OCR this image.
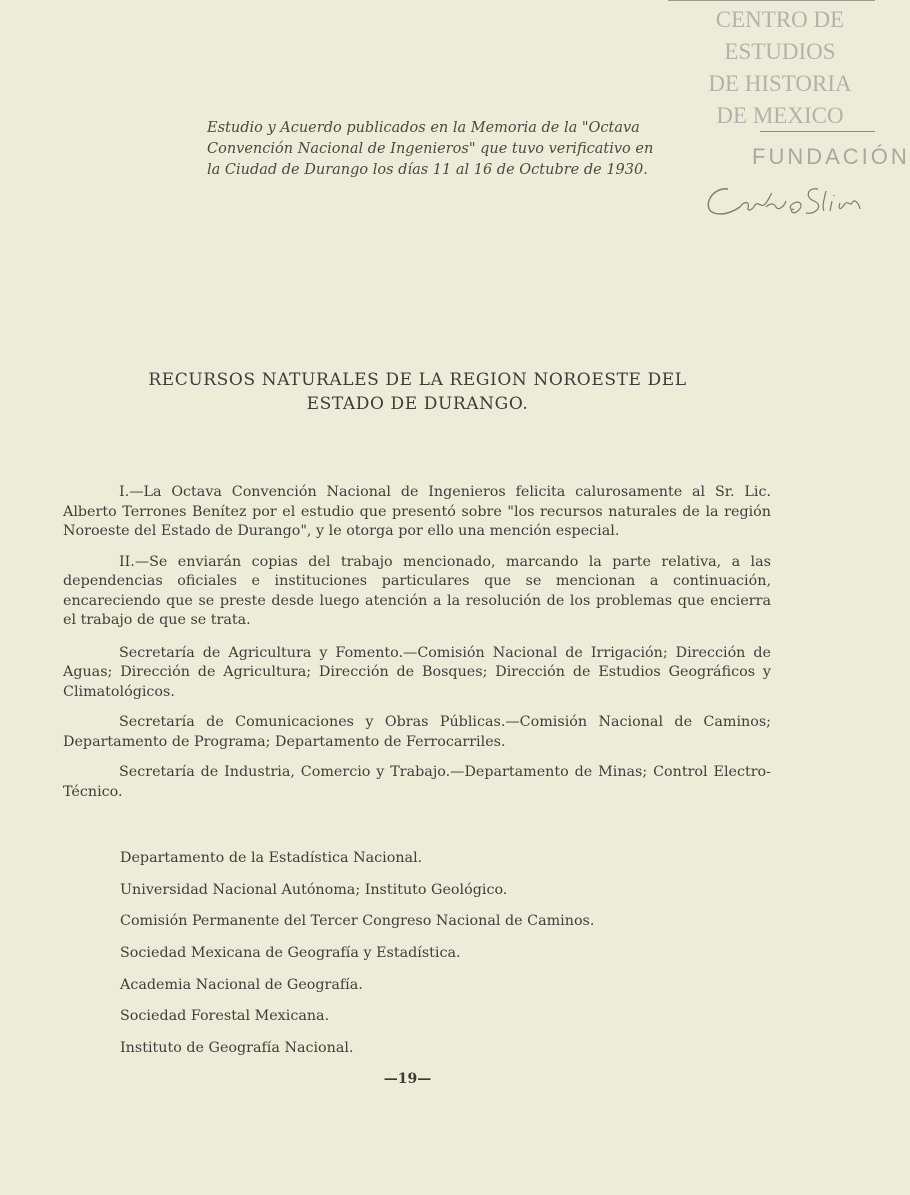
CENTRO DE
ESTUDIOS
DE HISTORIA
DE MEXICO
FUNDACIÓN

Estudio y Acuerdo publicados en la Memoria de la "Octava

Convención Nacional de Ingenieros" que tuvo verificativo en

la Ciudad de Durango los días 11 al 16 de Octubre de 1930.

RECURSOS NATURALES DE LA REGION NOROESTE DEL
ESTADO DE DURANGO.

I.—La Octava Convención Nacional de Ingenieros felicita calurosamente al Sr. Lic. Alberto Terrones Benítez por el estudio que presentó sobre "los recursos naturales de la región Noroeste del Estado de Durango", y le otorga por ello una mención especial.

II.—Se enviarán copias del trabajo mencionado, marcando la parte relativa, a las dependencias oficiales e instituciones particulares que se mencionan a continuación, encareciendo que se preste desde luego atención a la resolución de los problemas que encierra el trabajo de que se trata.

Secretaría de Agricultura y Fomento.—Comisión Nacional de Irrigación; Dirección de Aguas; Dirección de Agricultura; Dirección de Bosques; Dirección de Estudios Geográficos y Climatológicos.

Secretaría de Comunicaciones y Obras Públicas.—Comisión Nacional de Caminos; Departamento de Programa; Departamento de Ferrocarriles.

Secretaría de Industria, Comercio y Trabajo.—Departamento de Minas; Control Electro-Técnico.

Departamento de la Estadística Nacional.
Universidad Nacional Autónoma; Instituto Geológico.
Comisión Permanente del Tercer Congreso Nacional de Caminos.
Sociedad Mexicana de Geografía y Estadística.
Academia Nacional de Geografía.
Sociedad Forestal Mexicana.
Instituto de Geografía Nacional.
—19—
